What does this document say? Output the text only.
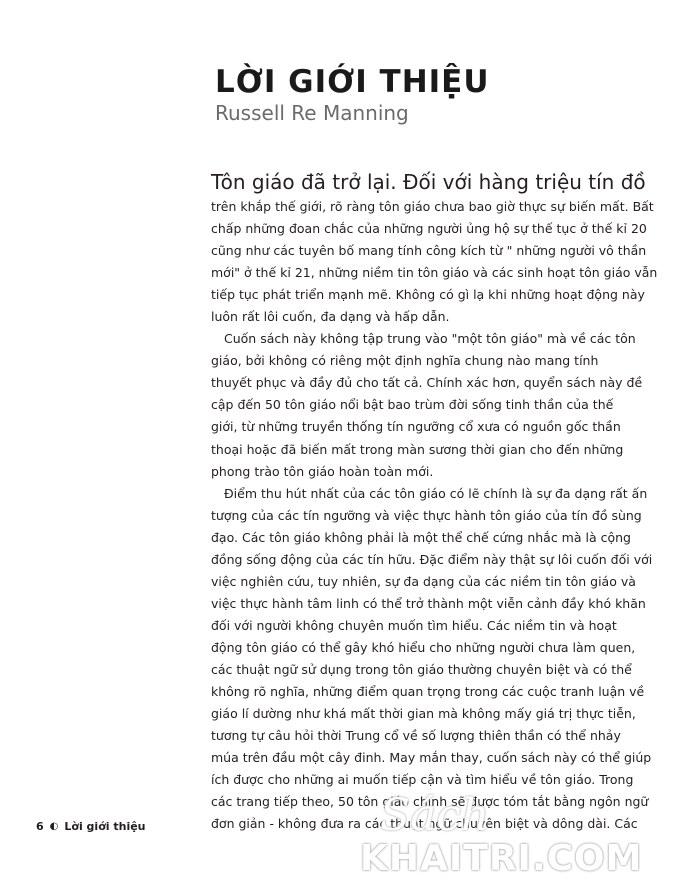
LỜI GIỚI THIỆU
Russell Re Manning
Tôn giáo đã trở lại. Đối với hàng triệu tín đồ
trên khắp thế giới, rõ ràng tôn giáo chưa bao giờ thực sự biến mất. Bất
chấp những đoan chắc của những người ủng hộ sự thế tục ở thế kỉ 20
cũng như các tuyên bố mang tính công kích từ " những người vô thần
mới" ở thế kỉ 21, những niềm tin tôn giáo và các sinh hoạt tôn giáo vẫn
tiếp tục phát triển mạnh mẽ. Không có gì lạ khi những hoạt động này
luôn rất lôi cuốn, đa dạng và hấp dẫn.
Cuốn sách này không tập trung vào "một tôn giáo" mà về các tôn
giáo, bởi không có riêng một định nghĩa chung nào mang tính
thuyết phục và đầy đủ cho tất cả. Chính xác hơn, quyển sách này đề
cập đến 50 tôn giáo nổi bật bao trùm đời sống tinh thần của thế
giới, từ những truyền thống tín ngưỡng cổ xưa có nguồn gốc thần
thoại hoặc đã biến mất trong màn sương thời gian cho đến những
phong trào tôn giáo hoàn toàn mới.
Điểm thu hút nhất của các tôn giáo có lẽ chính là sự đa dạng rất ấn
tượng của các tín ngưỡng và việc thực hành tôn giáo của tín đồ sùng
đạo. Các tôn giáo không phải là một thể chế cứng nhắc mà là cộng
đồng sống động của các tín hữu. Đặc điểm này thật sự lôi cuốn đối với
việc nghiên cứu, tuy nhiên, sự đa dạng của các niềm tin tôn giáo và
việc thực hành tâm linh có thể trở thành một viễn cảnh đầy khó khăn
đối với người không chuyên muốn tìm hiểu. Các niềm tin và hoạt
động tôn giáo có thể gây khó hiểu cho những người chưa làm quen,
các thuật ngữ sử dụng trong tôn giáo thường chuyên biệt và có thể
không rõ nghĩa, những điểm quan trọng trong các cuộc tranh luận về
giáo lí dường như khá mất thời gian mà không mấy giá trị thực tiễn,
tương tự câu hỏi thời Trung cổ về số lượng thiên thần có thể nhảy
múa trên đầu một cây đinh. May mắn thay, cuốn sách này có thể giúp
ích được cho những ai muốn tiếp cận và tìm hiểu về tôn giáo. Trong
các trang tiếp theo, 50 tôn giáo chính sẽ được tóm tắt bằng ngôn ngữ
đơn giản - không đưa ra các thuật ngữ chuyên biệt và dông dài. Các
6 ◐ Lời giới thiệu	Sách
KHAITRI.COM
